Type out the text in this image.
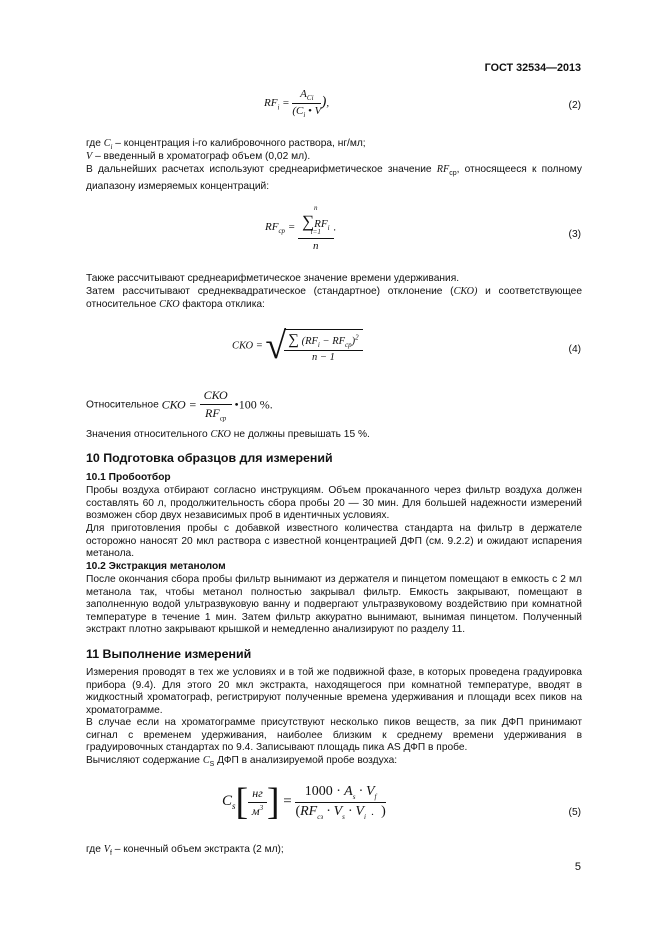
ГОСТ 32534—2013
$RF_i = \frac{A_{Ci}}{(C_i • V}$ ),	(2)
где $C_i$ – концентрация i-го калибровочного раствора, нг/мл;
V – введенный в хроматограф объем (0,02 мл).
В дальнейших расчетах используют среднеарифметическое значение $RF_{ср}$, относящееся к полному диапазону измеряемых концентраций:
$RF_{cp} = n$
$\sum RF_i$
i=1
n .
(3)
Также рассчитывают среднеарифметическое значение времени удерживания.
Затем рассчитывают среднеквадратическое (стандартное) отклонение (СКО) и соответствующее относительное СКО фактора отклика:
СКО = √
$\frac{\sum (RF_i - RF_{cp})^2}{n - 1}$	(4)
Относительное СКО = $\frac{\text{СКО}}{RF_{cp}}$ •100 %.
Значения относительного СКО не должны превышать 15 %.
10 Подготовка образцов для измерений
10.1 Пробоотбор
Пробы воздуха отбирают согласно инструкциям. Объем прокачанного через фильтр воздуха должен составлять 60 л, продолжительность сбора пробы 20 — 30 мин. Для большей надежности измерений возможен сбор двух независимых проб в идентичных условиях.
Для приготовления пробы с добавкой известного количества стандарта на фильтр в держателе осторожно наносят 20 мкл раствора с известной концентрацией ДФП (см. 9.2.2) и ожидают испарения метанола.
10.2 Экстракция метанолом
После окончания сбора пробы фильтр вынимают из держателя и пинцетом помещают в емкость с 2 мл метанола так, чтобы метанол полностью закрывал фильтр. Емкость закрывают, помещают в заполненную водой ультразвуковую ванну и подвергают ультразвуковому воздействию при комнатной температуре в течение 1 мин. Затем фильтр аккуратно вынимают, вынимая пинцетом. Полученный экстракт плотно закрывают крышкой и немедленно анализируют по разделу 11.
11 Выполнение измерений
Измерения проводят в тех же условиях и в той же подвижной фазе, в которых проведена градуировка прибора (9.4). Для этого 20 мкл экстракта, находящегося при комнатной температуре, вводят в жидкостный хроматограф, регистрируют полученные времена удерживания и площади всех пиков на хроматограмме.
В случае если на хроматограмме присутствуют несколько пиков веществ, за пик ДФП принимают сигнал с временем удерживания, наиболее близким к среднему времени удерживания в градуировочных стандартах по 9.4. Записывают площадь пика AS ДФП в пробе.
Вычисляют содержание $C_S$ ДФП в анализируемой пробе воздуха:
$C_s[ \frac{нг}{м^3}$ ] = $\frac{1000 \cdot A_s \cdot V_f}{(RF_{cз} \cdot V_s \cdot V_i . )}$	(5)
где $V_f$ – конечный объем экстракта (2 мл);
5
